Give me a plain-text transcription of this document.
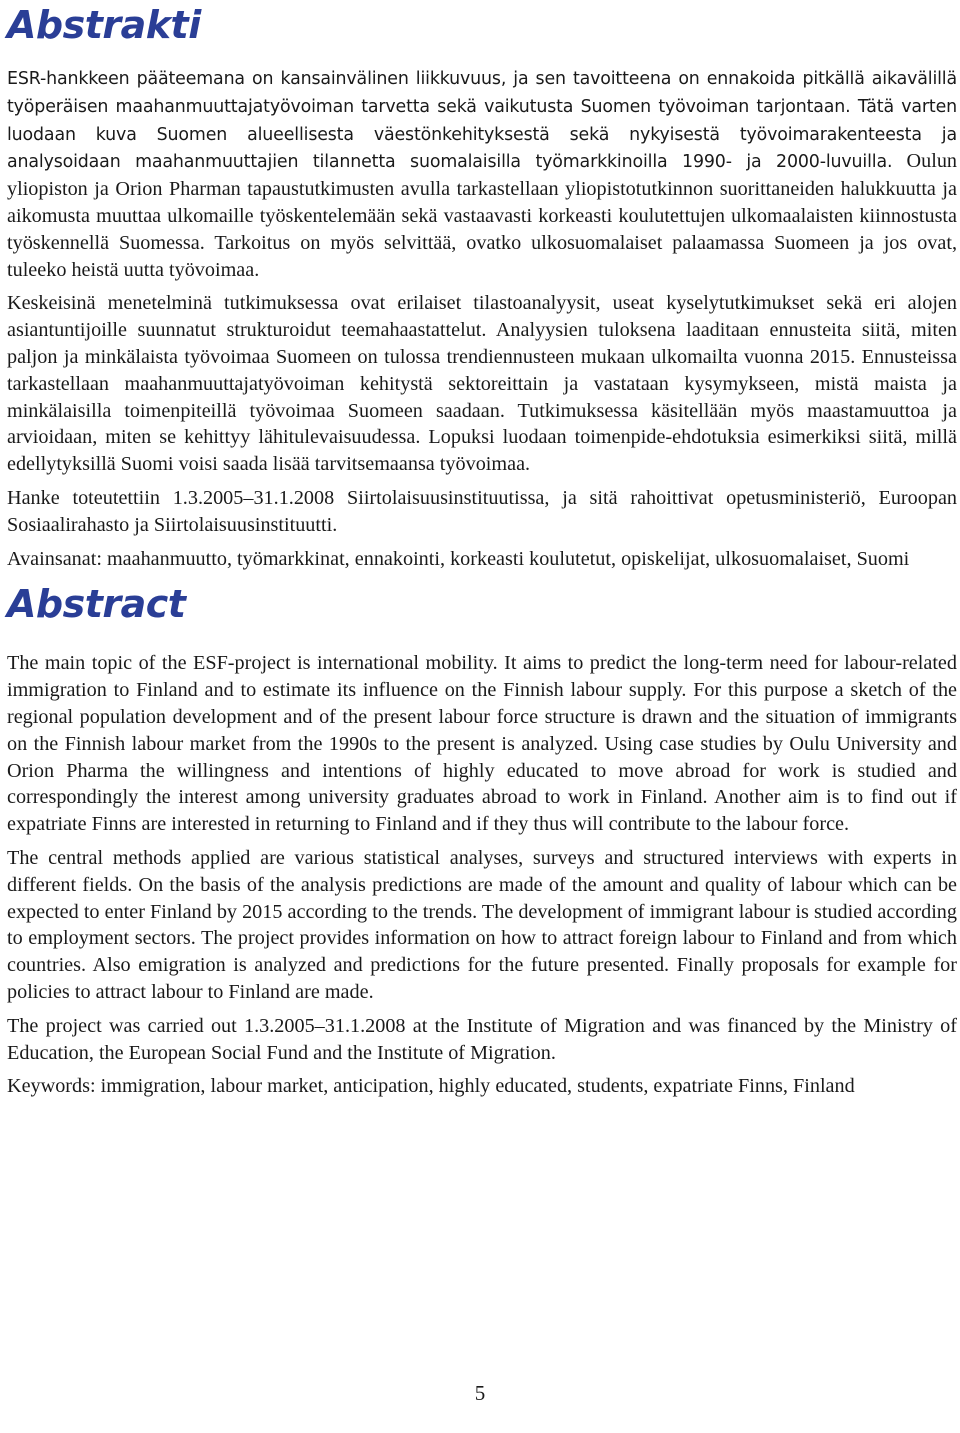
Abstrakti

ESR-hankkeen pääteemana on kansainvälinen liikkuvuus, ja sen tavoitteena on ennakoida pitkällä aikavälillä työperäisen maahanmuuttajatyövoiman tarvetta sekä vaikutusta Suomen työvoiman tarjontaan. Tätä varten luodaan kuva Suomen alueellisesta väestönkehityksestä sekä nykyisestä työvoimarakenteesta ja analysoidaan maahanmuuttajien tilannetta suomalaisilla työmarkkinoilla 1990- ja 2000-luvuilla. Oulun yliopiston ja Orion Pharman tapaustutkimusten avulla tarkastellaan yliopistotutkinnon suorittaneiden halukkuutta ja aikomusta muuttaa ulkomaille työskentelemään sekä vastaavasti korkeasti koulutettujen ulkomaalaisten kiinnostusta työskennellä Suomessa. Tarkoitus on myös selvittää, ovatko ulkosuomalaiset palaamassa Suomeen ja jos ovat, tuleeko heistä uutta työvoimaa.

Keskeisinä menetelminä tutkimuksessa ovat erilaiset tilastoanalyysit, useat kyselytutkimukset sekä eri alojen asiantuntijoille suunnatut strukturoidut teemahaastattelut. Analyysien tuloksena laaditaan ennusteita siitä, miten paljon ja minkälaista työvoimaa Suomeen on tulossa trendiennusteen mukaan ulkomailta vuonna 2015. Ennusteissa tarkastellaan maahanmuuttajatyövoiman kehitystä sektoreittain ja vastataan kysymykseen, mistä maista ja minkälaisilla toimenpiteillä työvoimaa Suomeen saadaan. Tutkimuksessa käsitellään myös maastamuuttoa ja arvioidaan, miten se kehittyy lähitulevaisuudessa. Lopuksi luodaan toimenpide-ehdotuksia esimerkiksi siitä, millä edellytyksillä Suomi voisi saada lisää tarvitsemaansa työvoimaa.

Hanke toteutettiin 1.3.2005–31.1.2008 Siirtolaisuusinstituutissa, ja sitä rahoittivat opetusministeriö, Euroopan Sosiaalirahasto ja Siirtolaisuusinstituutti.

Avainsanat: maahanmuutto, työmarkkinat, ennakointi, korkeasti koulutetut, opiskelijat, ulkosuomalaiset, Suomi

Abstract

The main topic of the ESF-project is international mobility. It aims to predict the long-term need for labour-related immigration to Finland and to estimate its influence on the Finnish labour supply. For this purpose a sketch of the regional population development and of the present labour force structure is drawn and the situation of immigrants on the Finnish labour market from the 1990s to the present is analyzed. Using case studies by Oulu University and Orion Pharma the willingness and intentions of highly educated to move abroad for work is studied and correspondingly the interest among university graduates abroad to work in Finland. Another aim is to find out if expatriate Finns are interested in returning to Finland and if they thus will contribute to the labour force.

The central methods applied are various statistical analyses, surveys and structured interviews with experts in different fields. On the basis of the analysis predictions are made of the amount and quality of labour which can be expected to enter Finland by 2015 according to the trends. The development of immigrant labour is studied according to employment sectors. The project provides information on how to attract foreign labour to Finland and from which countries. Also emigration is analyzed and predictions for the future presented. Finally proposals for example for policies to attract labour to Finland are made.

The project was carried out 1.3.2005–31.1.2008 at the Institute of Migration and was financed by the Ministry of Education, the European Social Fund and the Institute of Migration.

Keywords: immigration, labour market, anticipation, highly educated, students, expatriate Finns, Finland

5
